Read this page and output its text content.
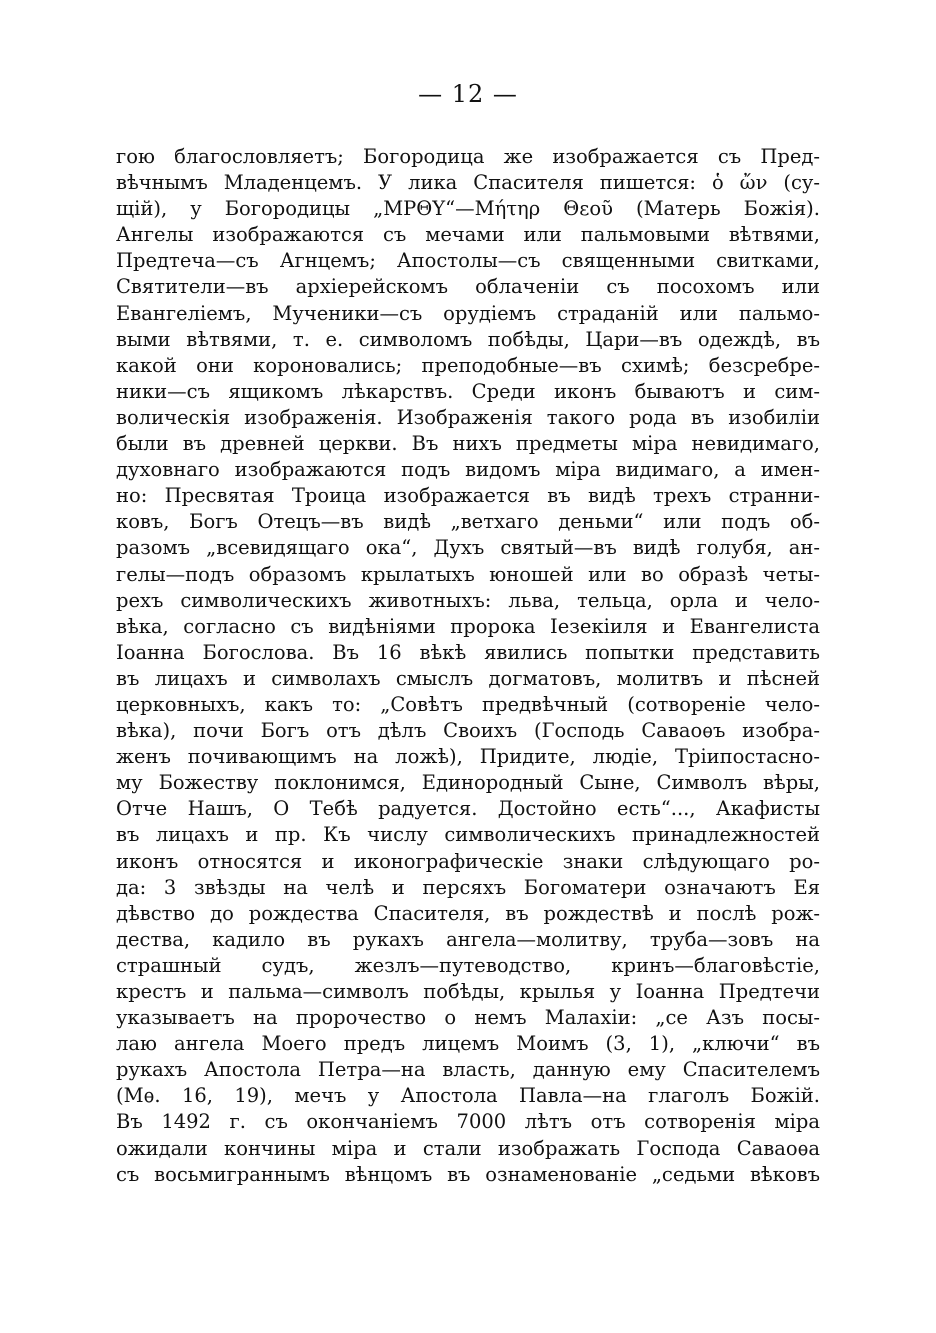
— 12 —
гою благословляетъ; Богородица же изображается съ Пред-
вѣчнымъ Младенцемъ. У лика Спасителя пишется: ὁ ὤν (су-
щій), у Богородицы „MPΘY“—Μήτηρ Θεοῦ (Матерь Божія).
Ангелы изображаются съ мечами или пальмовыми вѣтвями,
Предтеча—съ Агнцемъ; Апостолы—съ священными свитками,
Святители—въ архіерейскомъ облаченіи съ посохомъ или
Евангеліемъ, Мученики—съ орудіемъ страданій или пальмо-
выми вѣтвями, т. е. символомъ побѣды, Цари—въ одеждѣ, въ
какой они короновались; преподобные—въ схимѣ; безсребре-
ники—съ ящикомъ лѣкарствъ. Среди иконъ бываютъ и сим-
волическія изображенія. Изображенія такого рода въ изобиліи
были въ древней церкви. Въ нихъ предметы міра невидимаго,
духовнаго изображаются подъ видомъ міра видимаго, а имен-
но: Пресвятая Троица изображается въ видѣ трехъ странни-
ковъ, Богъ Отецъ—въ видѣ „ветхаго деньми“ или подъ об-
разомъ „всевидящаго ока“, Духъ святый—въ видѣ голубя, ан-
гелы—подъ образомъ крылатыхъ юношей или во образѣ четы-
рехъ символическихъ животныхъ: льва, тельца, орла и чело-
вѣка, согласно съ видѣніями пророка Іезекіиля и Евангелиста
Іоанна Богослова. Въ 16 вѣкѣ явились попытки представить
въ лицахъ и символахъ смыслъ догматовъ, молитвъ и пѣсней
церковныхъ, какъ то: „Совѣтъ предвѣчный (сотвореніе чело-
вѣка), почи Богъ отъ дѣлъ Своихъ (Господь Саваоѳъ изобра-
женъ почивающимъ на ложѣ), Придите, людіе, Тріипостасно-
му Божеству поклонимся, Единородный Сыне, Символъ вѣры,
Отче Нашъ, О Тебѣ радуется. Достойно есть“..., Акафисты
въ лицахъ и пр. Къ числу символическихъ принадлежностей
иконъ относятся и иконографическіе знаки слѣдующаго ро-
да: 3 звѣзды на челѣ и персяхъ Богоматери означаютъ Ея
дѣвство до рождества Спасителя, въ рождествѣ и послѣ рож-
дества, кадило въ рукахъ ангела—молитву, труба—зовъ на
страшный судъ, жезлъ—путеводство, кринъ—благовѣстіе,
крестъ и пальма—символъ побѣды, крылья у Іоанна Предтечи
указываетъ на пророчество о немъ Малахіи: „се Азъ посы-
лаю ангела Моего предъ лицемъ Моимъ (3, 1), „ключи“ въ
рукахъ Апостола Петра—на власть, данную ему Спасителемъ
(Мѳ. 16, 19), мечъ у Апостола Павла—на глаголъ Божій.
Въ 1492 г. съ окончаніемъ 7000 лѣтъ отъ сотворенія міра
ожидали кончины міра и стали изображать Господа Саваоѳа
съ восьмиграннымъ вѣнцомъ въ ознаменованіе „седьми вѣковъ
